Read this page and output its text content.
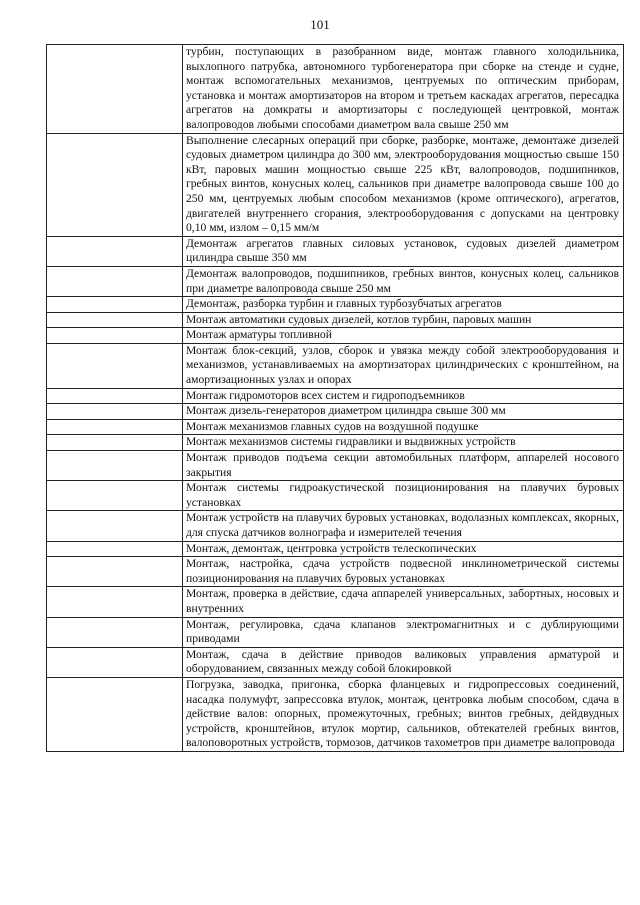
101

	турбин, поступающих в разобранном виде, монтаж главного холодильника, выхлопного патрубка, автономного турбогенератора при сборке на стенде и судне, монтаж вспомогательных механизмов, центруемых по оптическим приборам, установка и монтаж амортизаторов на втором и третьем каскадах агрегатов, пересадка агрегатов на домкраты и амортизаторы с последующей центровкой, монтаж валопроводов любыми способами диаметром вала свыше 250 мм

	Выполнение слесарных операций при сборке, разборке, монтаже, демонтаже дизелей судовых диаметром цилиндра до 300 мм, электрооборудования мощностью свыше 150 кВт, паровых машин мощностью свыше 225 кВт, валопроводов, подшипников, гребных винтов, конусных колец, сальников при диаметре валопровода свыше 100 до 250 мм, центруемых любым способом механизмов (кроме оптического), агрегатов, двигателей внутреннего сгорания, электрооборудования с допусками на центровку 0,10 мм, излом – 0,15 мм/м

	Демонтаж агрегатов главных силовых установок, судовых дизелей диаметром цилиндра свыше 350 мм

	Демонтаж валопроводов, подшипников, гребных винтов, конусных колец, сальников при диаметре валопровода свыше 250 мм

	Демонтаж, разборка турбин и главных турбозубчатых агрегатов

	Монтаж автоматики судовых дизелей, котлов турбин, паровых машин

	Монтаж арматуры топливной

	Монтаж блок-секций, узлов, сборок и увязка между собой электрооборудования и механизмов, устанавливаемых на амортизаторах цилиндрических с кронштейном, на амортизационных узлах и опорах

	Монтаж гидромоторов всех систем и гидроподъемников

	Монтаж дизель-генераторов диаметром цилиндра свыше 300 мм

	Монтаж механизмов главных судов на воздушной подушке

	Монтаж механизмов системы гидравлики и выдвижных устройств

	Монтаж приводов подъема секции автомобильных платформ, аппарелей носового закрытия

	Монтаж системы гидроакустической позиционирования на плавучих буровых установках

	Монтаж устройств на плавучих буровых установках, водолазных комплексах, якорных, для спуска датчиков волнографа и измерителей течения

	Монтаж, демонтаж, центровка устройств телескопических

	Монтаж, настройка, сдача устройств подвесной инклинометрической системы позиционирования на плавучих буровых установках

	Монтаж, проверка в действие, сдача аппарелей универсальных, забортных, носовых и внутренних

	Монтаж, регулировка, сдача клапанов электромагнитных и с дублирующими приводами

	Монтаж, сдача в действие приводов валиковых управления арматурой и оборудованием, связанных между собой блокировкой

	Погрузка, заводка, пригонка, сборка фланцевых и гидропрессовых соединений, насадка полумуфт, запрессовка втулок, монтаж, центровка любым способом, сдача в действие валов: опорных, промежуточных, гребных; винтов гребных, дейдвудных устройств, кронштейнов, втулок мортир, сальников, обтекателей гребных винтов, валоповоротных устройств, тормозов, датчиков тахометров при диаметре валопровода
